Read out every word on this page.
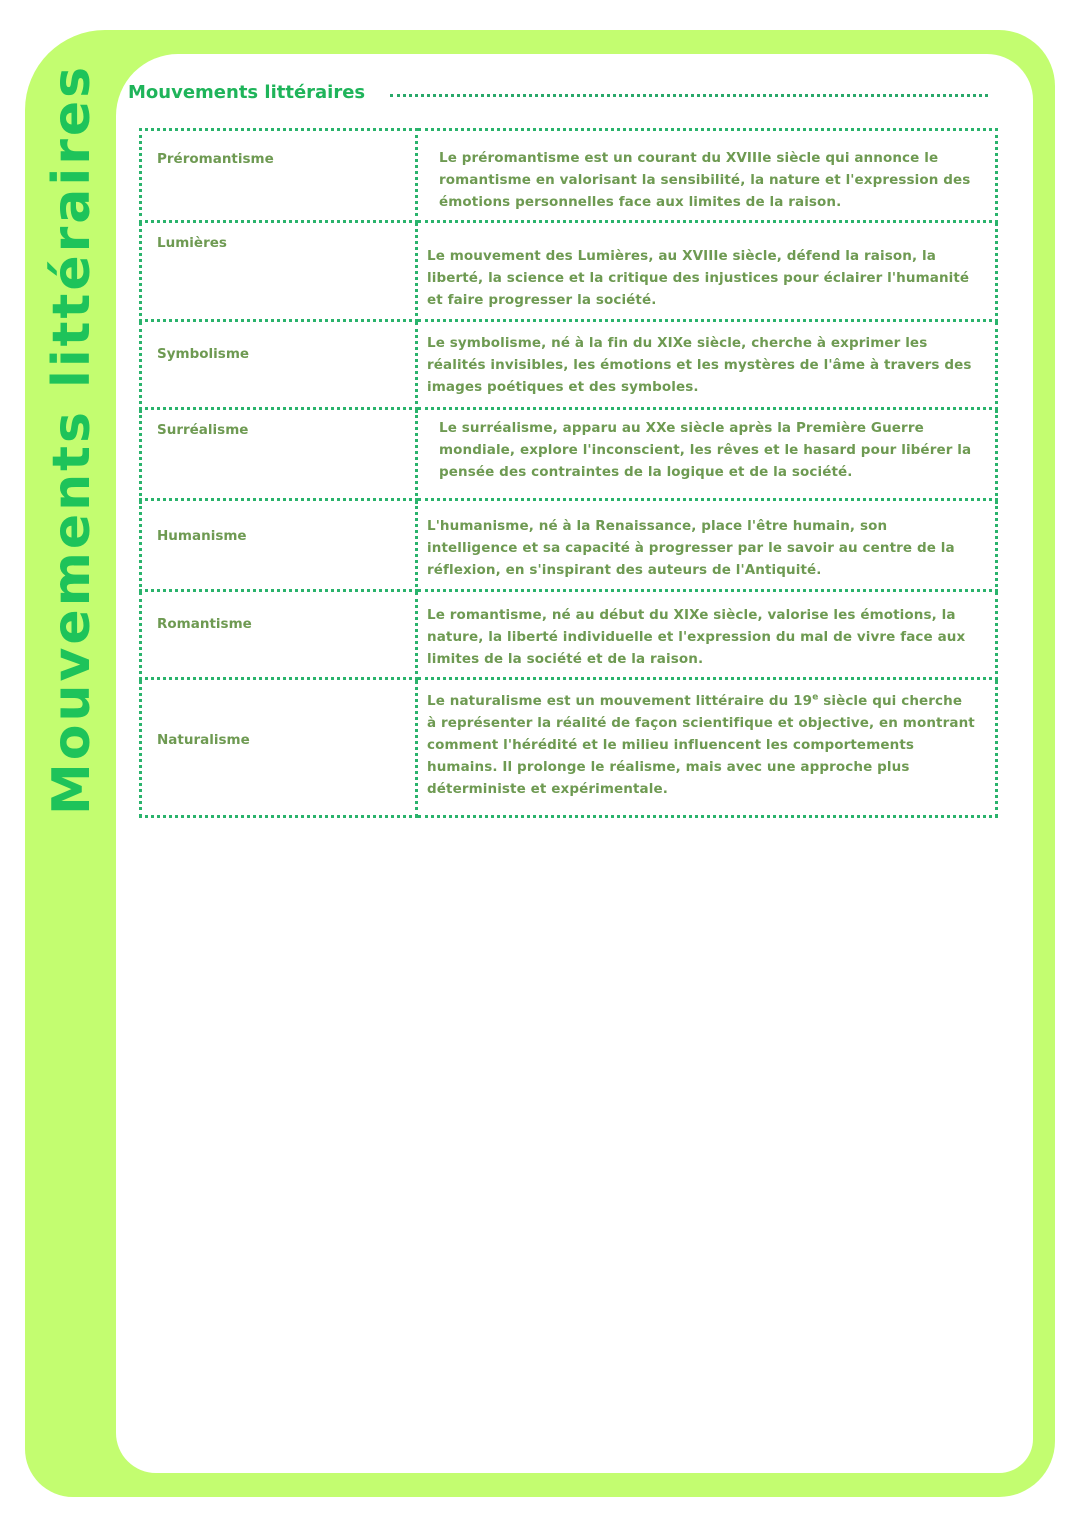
Mouvements littéraires Mouvements littéraires
Préromantisme	Le préromantisme est un courant du XVIIIe siècle qui annonce le romantisme en valorisant la sensibilité, la nature et l'expression des émotions personnelles face aux limites de la raison.

Lumières	Le mouvement des Lumières, au XVIIIe siècle, défend la raison, la liberté, la science et la critique des injustices pour éclairer l'humanité et faire progresser la société.

Symbolisme	Le symbolisme, né à la fin du XIXe siècle, cherche à exprimer les réalités invisibles, les émotions et les mystères de l'âme à travers des images poétiques et des symboles.

Surréalisme	Le surréalisme, apparu au XXe siècle après la Première Guerre mondiale, explore l'inconscient, les rêves et le hasard pour libérer la pensée des contraintes de la logique et de la société.

Humanisme	L'humanisme, né à la Renaissance, place l'être humain, son intelligence et sa capacité à progresser par le savoir au centre de la réflexion, en s'inspirant des auteurs de l'Antiquité.

Romantisme	Le romantisme, né au début du XIXe siècle, valorise les émotions, la nature, la liberté individuelle et l'expression du mal de vivre face aux limites de la société et de la raison.

Naturalisme	Le naturalisme est un mouvement littéraire du 19e siècle qui cherche à représenter la réalité de façon scientifique et objective, en montrant comment l'hérédité et le milieu influencent les comportements humains. Il prolonge le réalisme, mais avec une approche plus déterministe et expérimentale.
